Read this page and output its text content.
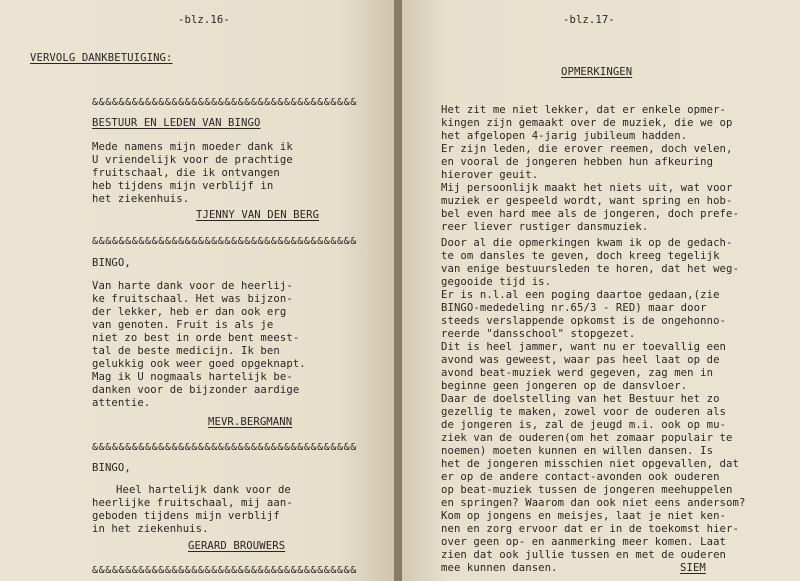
-blz.16-
VERVOLG DANKBETUIGING:
&&&&&&&&&&&&&&&&&&&&&&&&&&&&&&&&&&&&&&&&
BESTUUR EN LEDEN VAN BINGO
Mede namens mijn moeder dank ik
U vriendelijk voor de prachtige
fruitschaal, die ik ontvangen
heb tijdens mijn verblijf in
het ziekenhuis.
TJENNY VAN DEN BERG
&&&&&&&&&&&&&&&&&&&&&&&&&&&&&&&&&&&&&&&&
BINGO,
Van harte dank voor de heerlij-
ke fruitschaal. Het was bijzon-
der lekker, heb er dan ook erg
van genoten. Fruit is als je
niet zo best in orde bent meest-
tal de beste medicijn. Ik ben
gelukkig ook weer goed opgeknapt.
Mag ik U nogmaals hartelijk be-
danken voor de bijzonder aardige
attentie.
MEVR.BERGMANN
&&&&&&&&&&&&&&&&&&&&&&&&&&&&&&&&&&&&&&&&
BINGO,
Heel hartelijk dank voor de
heerlijke fruitschaal, mij aan-
geboden tijdens mijn verblijf
in het ziekenhuis.
GERARD BROUWERS
&&&&&&&&&&&&&&&&&&&&&&&&&&&&&&&&&&&&&&&&
-blz.17-
OPMERKINGEN
Het zit me niet lekker, dat er enkele opmer-
kingen zijn gemaakt over de muziek, die we op
het afgelopen 4-jarig jubileum hadden.
Er zijn leden, die erover reemen, doch velen,
en vooral de jongeren hebben hun afkeuring
hierover geuit.
Mij persoonlijk maakt het niets uit, wat voor
muziek er gespeeld wordt, want spring en hob-
bel even hard mee als de jongeren, doch prefe-
reer liever rustiger dansmuziek.
Door al die opmerkingen kwam ik op de gedach-
te om dansles te geven, doch kreeg tegelijk
van enige bestuursleden te horen, dat het weg-
gegooide tijd is.
Er is n.l.al een poging daartoe gedaan,(zie
BINGO-mededeling nr.65/3 - RED) maar door
steeds verslappende opkomst is de ongehonno-
reerde "dansschool" stopgezet.
Dit is heel jammer, want nu er toevallig een
avond was geweest, waar pas heel laat op de
avond beat-muziek werd gegeven, zag men in
beginne geen jongeren op de dansvloer.
Daar de doelstelling van het Bestuur het zo
gezellig te maken, zowel voor de ouderen als
de jongeren is, zal de jeugd m.i. ook op mu-
ziek van de ouderen(om het zomaar populair te
noemen) moeten kunnen en willen dansen. Is
het de jongeren misschien niet opgevallen, dat
er op de andere contact-avonden ook ouderen
op beat-muziek tussen de jongeren meehuppelen
en springen? Waarom dan ook niet eens andersom?
Kom op jongens en meisjes, laat je niet ken-
nen en zorg ervoor dat er in de toekomst hier-
over geen op- en aanmerking meer komen. Laat
zien dat ook jullie tussen en met de ouderen
mee kunnen dansen.	SIEM
